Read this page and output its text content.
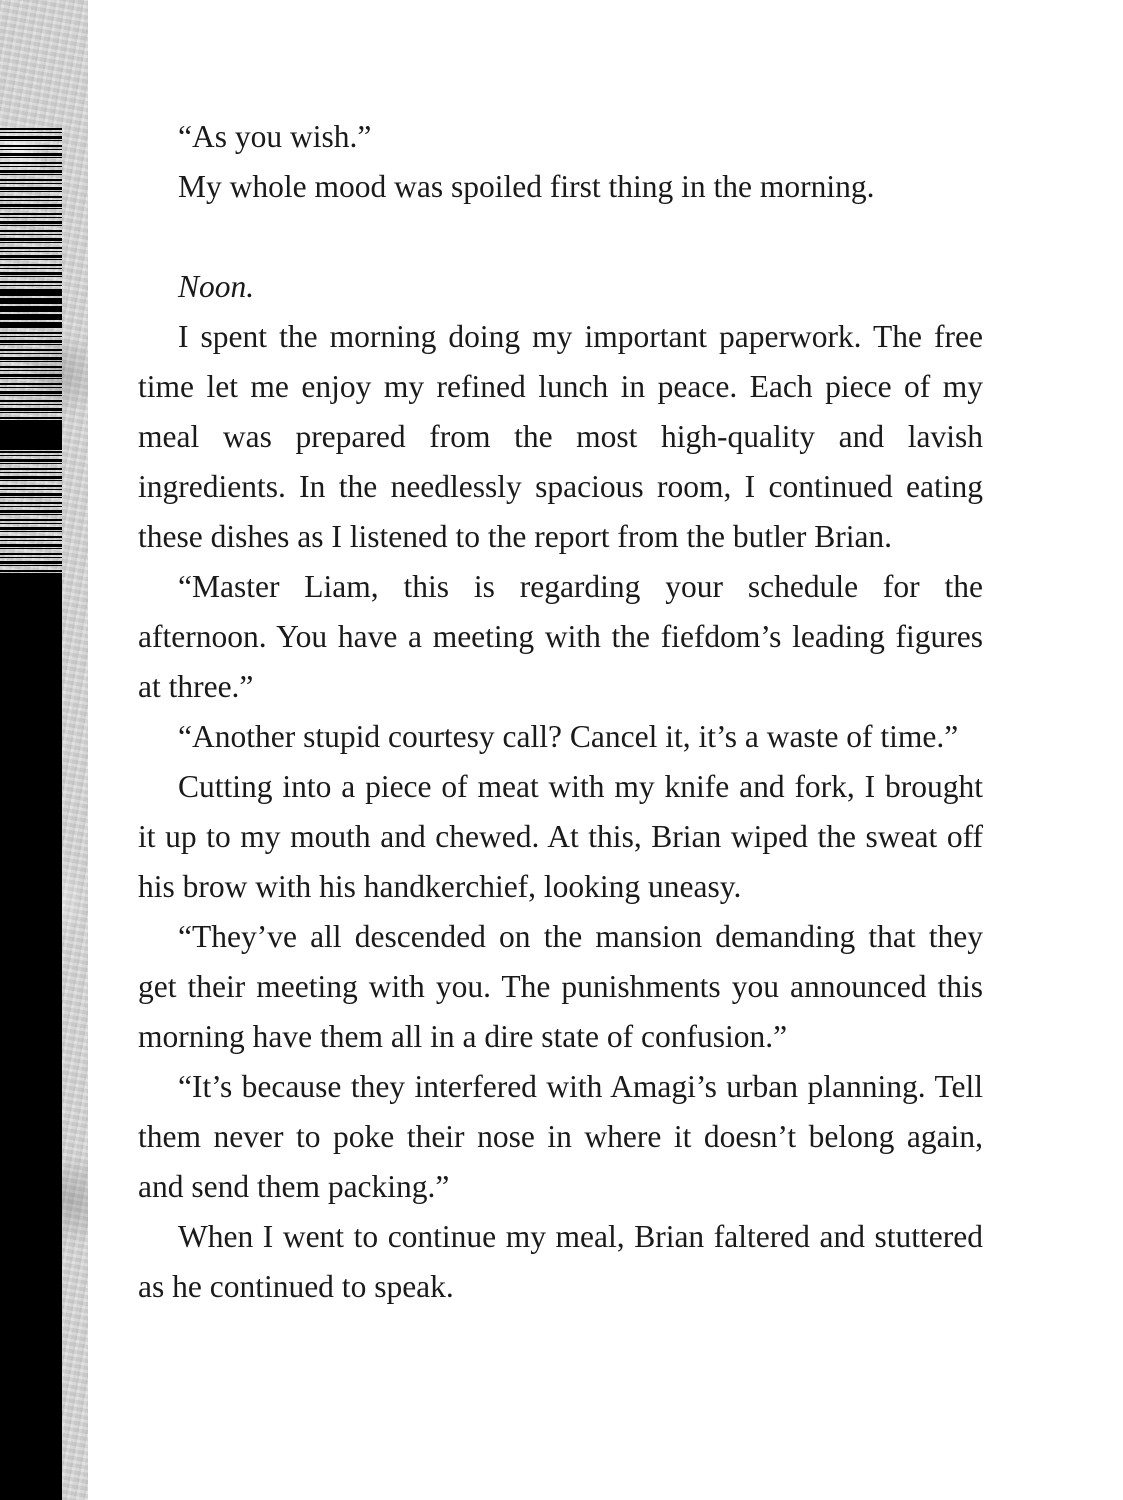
“As you wish.”

My whole mood was spoiled first thing in the morning.

Noon.

I spent the morning doing my important paperwork. The free time let me enjoy my refined lunch in peace. Each piece of my meal was prepared from the most high-quality and lavish ingredients. In the needlessly spacious room, I continued eating these dishes as I listened to the report from the butler Brian.

“Master Liam, this is regarding your schedule for the afternoon. You have a meeting with the fiefdom’s leading figures at three.”

“Another stupid courtesy call? Cancel it, it’s a waste of time.”

Cutting into a piece of meat with my knife and fork, I brought it up to my mouth and chewed. At this, Brian wiped the sweat off his brow with his handkerchief, looking uneasy.

“They’ve all descended on the mansion demanding that they get their meeting with you. The punishments you announced this morning have them all in a dire state of confusion.”

“It’s because they interfered with Amagi’s urban planning. Tell them never to poke their nose in where it doesn’t belong again, and send them packing.”

When I went to continue my meal, Brian faltered and stuttered as he continued to speak.
